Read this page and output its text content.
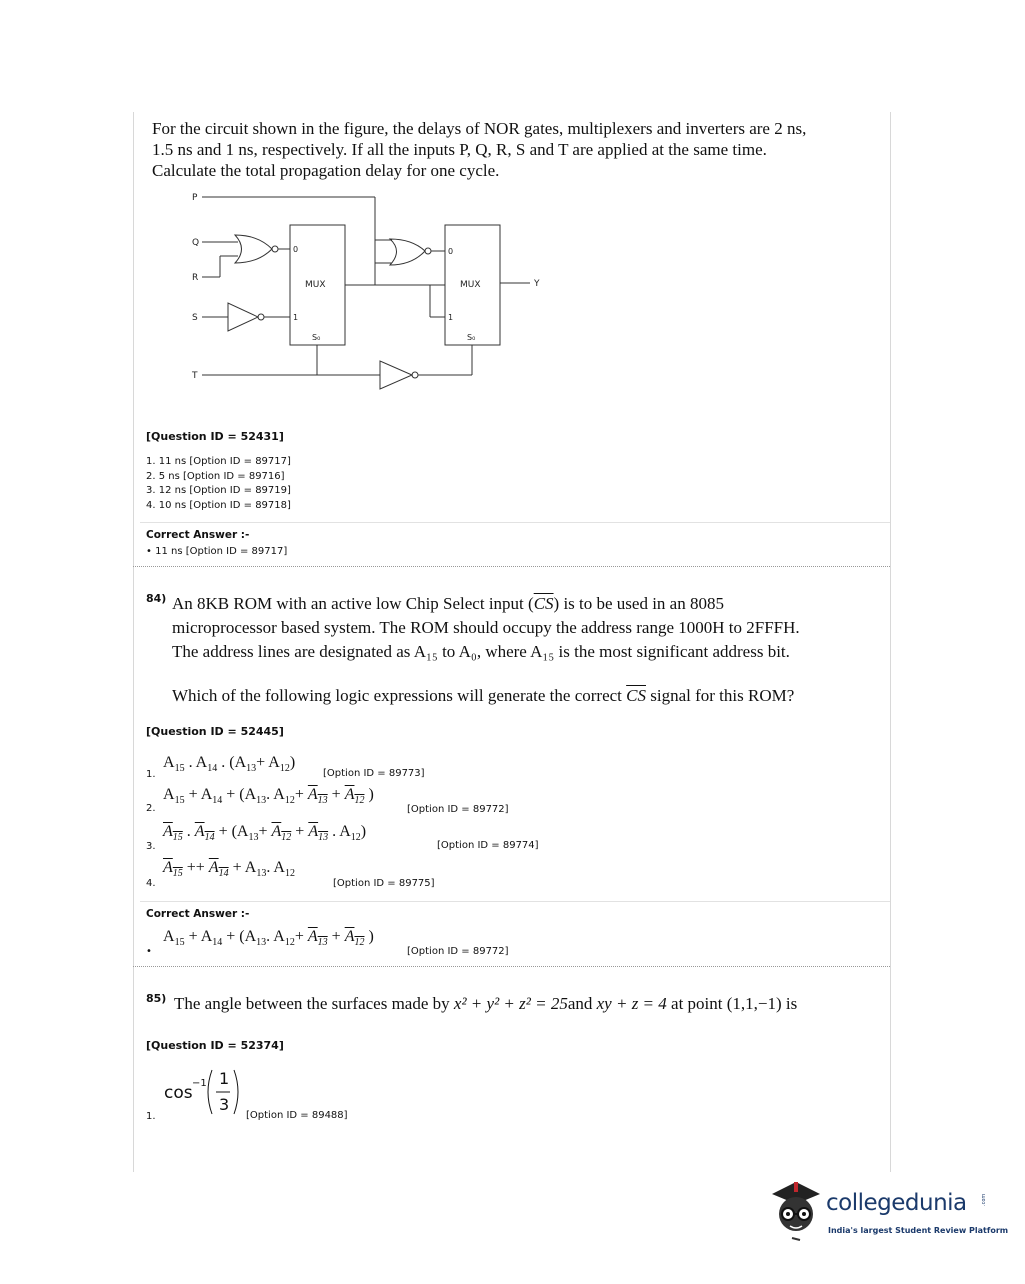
For the circuit shown in the figure, the delays of NOR gates, multiplexers and inverters are 2 ns,
1.5 ns and 1 ns, respectively. If all the inputs P, Q, R, S and T are applied at the same time.
Calculate the total propagation delay for one cycle.
P
Q
R
S
T
0
1
MUX
S₀
0
1
MUX
S₀
Y
[Question ID = 52431]
1. 11 ns [Option ID = 89717]
2. 5 ns [Option ID = 89716]
3. 12 ns [Option ID = 89719]
4. 10 ns [Option ID = 89718]
Correct Answer :-
• 11 ns [Option ID = 89717]
84) An 8KB ROM with an active low Chip Select input $(\overline{CS})$ is to be used in an 8085
microprocessor based system. The ROM should occupy the address range 1000H to 2FFFH.
The address lines are designated as A₁₅ to A₀, where A₁₅ is the most significant address bit.
Which of the following logic expressions will generate the correct $\overline{CS}$ signal for this ROM?
[Question ID = 52445]
1.
$A_{15}$ . $A_{14}$ . $(A_{13}+ A_{12})$
[Option ID = 89773]
2.
$A_{15} + A_{14} + (A_{13}$. $A_{12}+ A_{13} + A_{12}$ )
[Option ID = 89772]
3.
$A_{15}$ . $A_{14} + (A_{13}+ A_{12} + A_{13}$ . $A_{12}$)
[Option ID = 89774]
4.
$A_{15} ++ A_{14} + A_{13}$. $A_{12}$
[Option ID = 89775]
Correct Answer :-
•
$A_{15} + A_{14} + (A_{13}$. $A_{12}+ A_{13} + A_{12}$ )
[Option ID = 89772]
85) The angle between the surfaces made by x² + y² + z² = 25and xy + z = 4 at point (1,1,−1) is
[Question ID = 52374]
1.
cos −1 1
3
[Option ID = 89488]
collegedunia	.com
India's largest Student Review Platform
